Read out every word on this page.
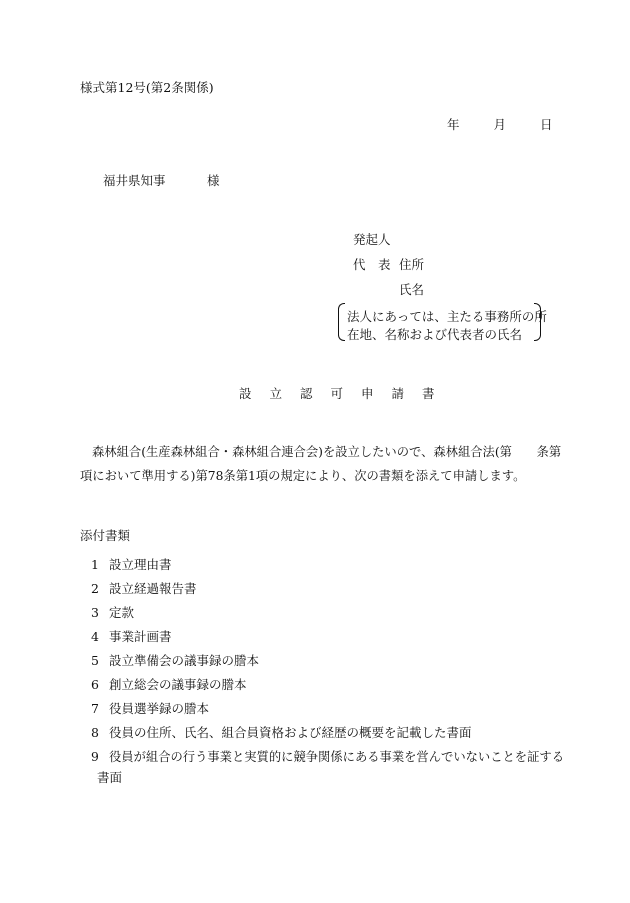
様式第12号(第2条関係)
年	月	日
福井県知事	様
発起人
代　表 住所
氏名
法人にあっては、主たる事務所の所
在地、名称および代表者の氏名
設 立 認 可 申 請 書
森林組合(生産森林組合・森林組合連合会)を設立したいので、森林組合法(第　　条第
項において準用する)第78条第1項の規定により、次の書類を添えて申請します。
添付書類
1 設立理由書
2 設立経過報告書
3 定款
4 事業計画書
5 設立準備会の議事録の謄本
6 創立総会の議事録の謄本
7 役員選挙録の謄本
8 役員の住所、氏名、組合員資格および経歴の概要を記載した書面
9 役員が組合の行う事業と実質的に競争関係にある事業を営んでいないことを証する
書面
